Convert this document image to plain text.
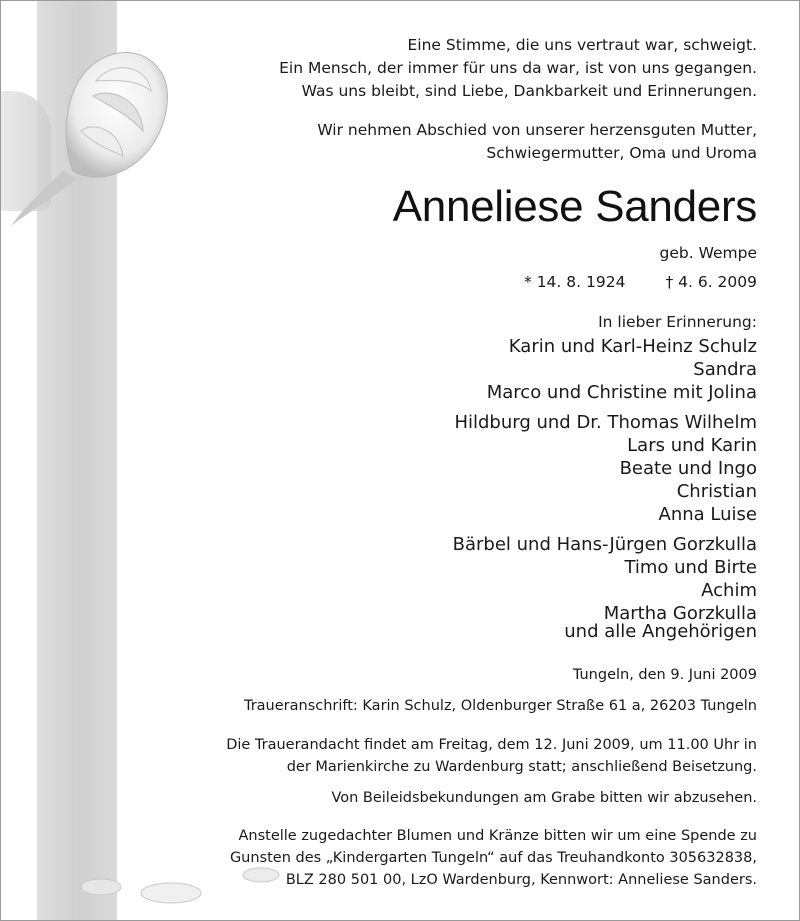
Eine Stimme, die uns vertraut war, schweigt.
Ein Mensch, der immer für uns da war, ist von uns gegangen.
Was uns bleibt, sind Liebe, Dankbarkeit und Erinnerungen.
Wir nehmen Abschied von unserer herzensguten Mutter,
Schwiegermutter, Oma und Uroma
Anneliese Sanders
geb. Wempe
* 14. 8. 1924	† 4. 6. 2009
In lieber Erinnerung:
Karin und Karl-Heinz Schulz
Sandra
Marco und Christine mit Jolina
Hildburg und Dr. Thomas Wilhelm
Lars und Karin
Beate und Ingo
Christian
Anna Luise
Bärbel und Hans-Jürgen Gorzkulla
Timo und Birte
Achim
Martha Gorzkulla
und alle Angehörigen
Tungeln, den 9. Juni 2009
Traueranschrift: Karin Schulz, Oldenburger Straße 61 a, 26203 Tungeln
Die Trauerandacht findet am Freitag, dem 12. Juni 2009, um 11.00 Uhr in
der Marienkirche zu Wardenburg statt; anschließend Beisetzung.
Von Beileidsbekundungen am Grabe bitten wir abzusehen.
Anstelle zugedachter Blumen und Kränze bitten wir um eine Spende zu
Gunsten des „Kindergarten Tungeln“ auf das Treuhandkonto 305632838,
BLZ 280 501 00, LzO Wardenburg, Kennwort: Anneliese Sanders.
